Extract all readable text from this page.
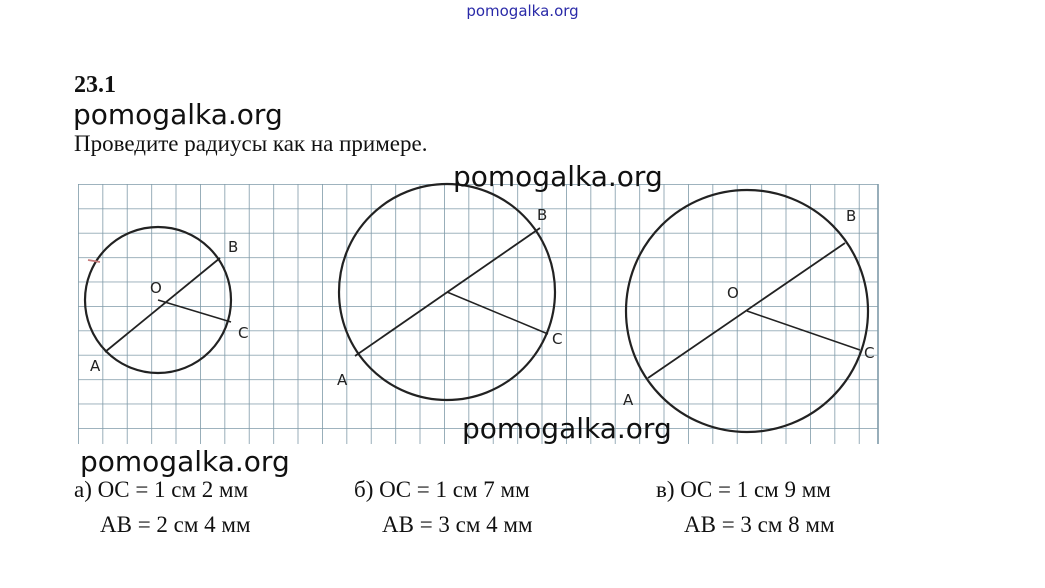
pomogalka.org
23.1
pomogalka.org
Проведите радиусы как на примере.
O
B
C
A
B
C
A
O
B
C
A
pomogalka.org
pomogalka.org
pomogalka.org
а) OC = 1 см 2 мм
AB = 2 см 4 мм
б) OC = 1 см 7 мм
AB = 3 см 4 мм
в) OC = 1 см 9 мм
AB = 3 см 8 мм
